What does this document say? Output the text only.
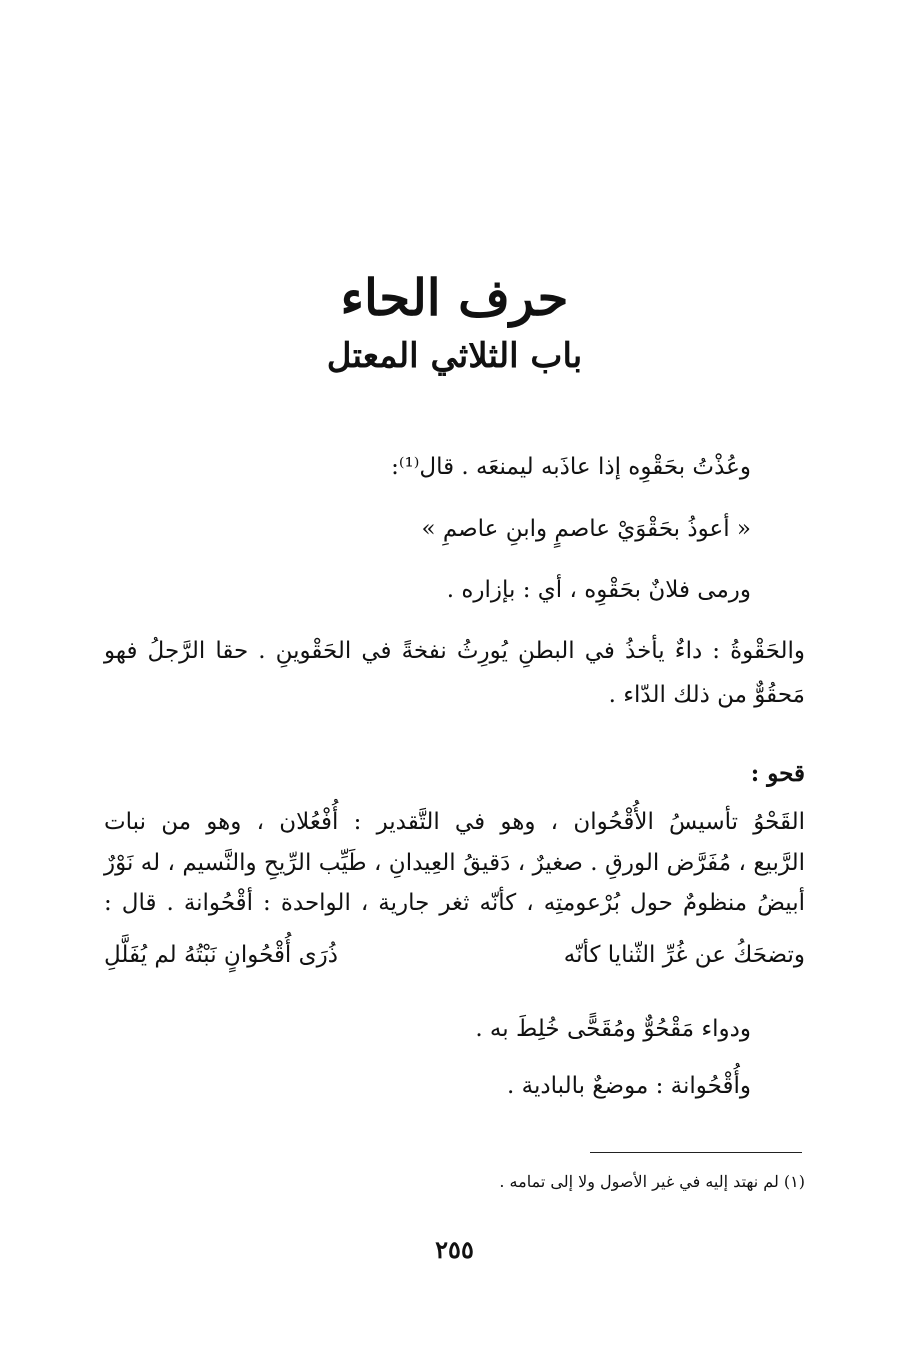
حرف الحاء
باب الثلاثي المعتل

وعُذْتُ بحَقْوِه إذا عاذَبه ليمنعَه . قال⁽¹⁾:

« أعوذُ بحَقْوَيْ عاصمٍ وابنِ عاصمِ »

ورمى فلانٌ بحَقْوِه ، أي : بإزاره .

والحَقْوةُ : داءٌ يأخذُ في البطنِ يُورِثُ نفخةً في الحَقْوينِ . حقا الرَّجلُ فهو

مَحقُوٌّ من ذلك الدّاء .

قحو :

القَحْوُ تأسيسُ الأُقْحُوان ، وهو في التَّقدير : أُفْعُلان ، وهو من نبات

الرَّبيع ، مُفَرَّض الورقِ . صغيرٌ ، دَقيقُ العِيدانِ ، طَيِّب الرِّيحِ والنَّسيم ، له نَوْرٌ

أبيضُ منظومٌ حول بُرْعومتِه ، كأنّه ثغر جارية ، الواحدة : أقْحُوانة . قال :

وتضحَكُ عن غُرِّ الثّنايا كأنّه
ذُرَى أُقْحُوانٍ نَبْتُهُ لم يُفَلَّلِ

ودواء مَقْحُوٌّ ومُقَحًّى خُلِطَ به .

وأُقْحُوانة : موضعٌ بالبادية .

(١) لم نهتد إليه في غير الأصول ولا إلى تمامه .

٢٥٥
